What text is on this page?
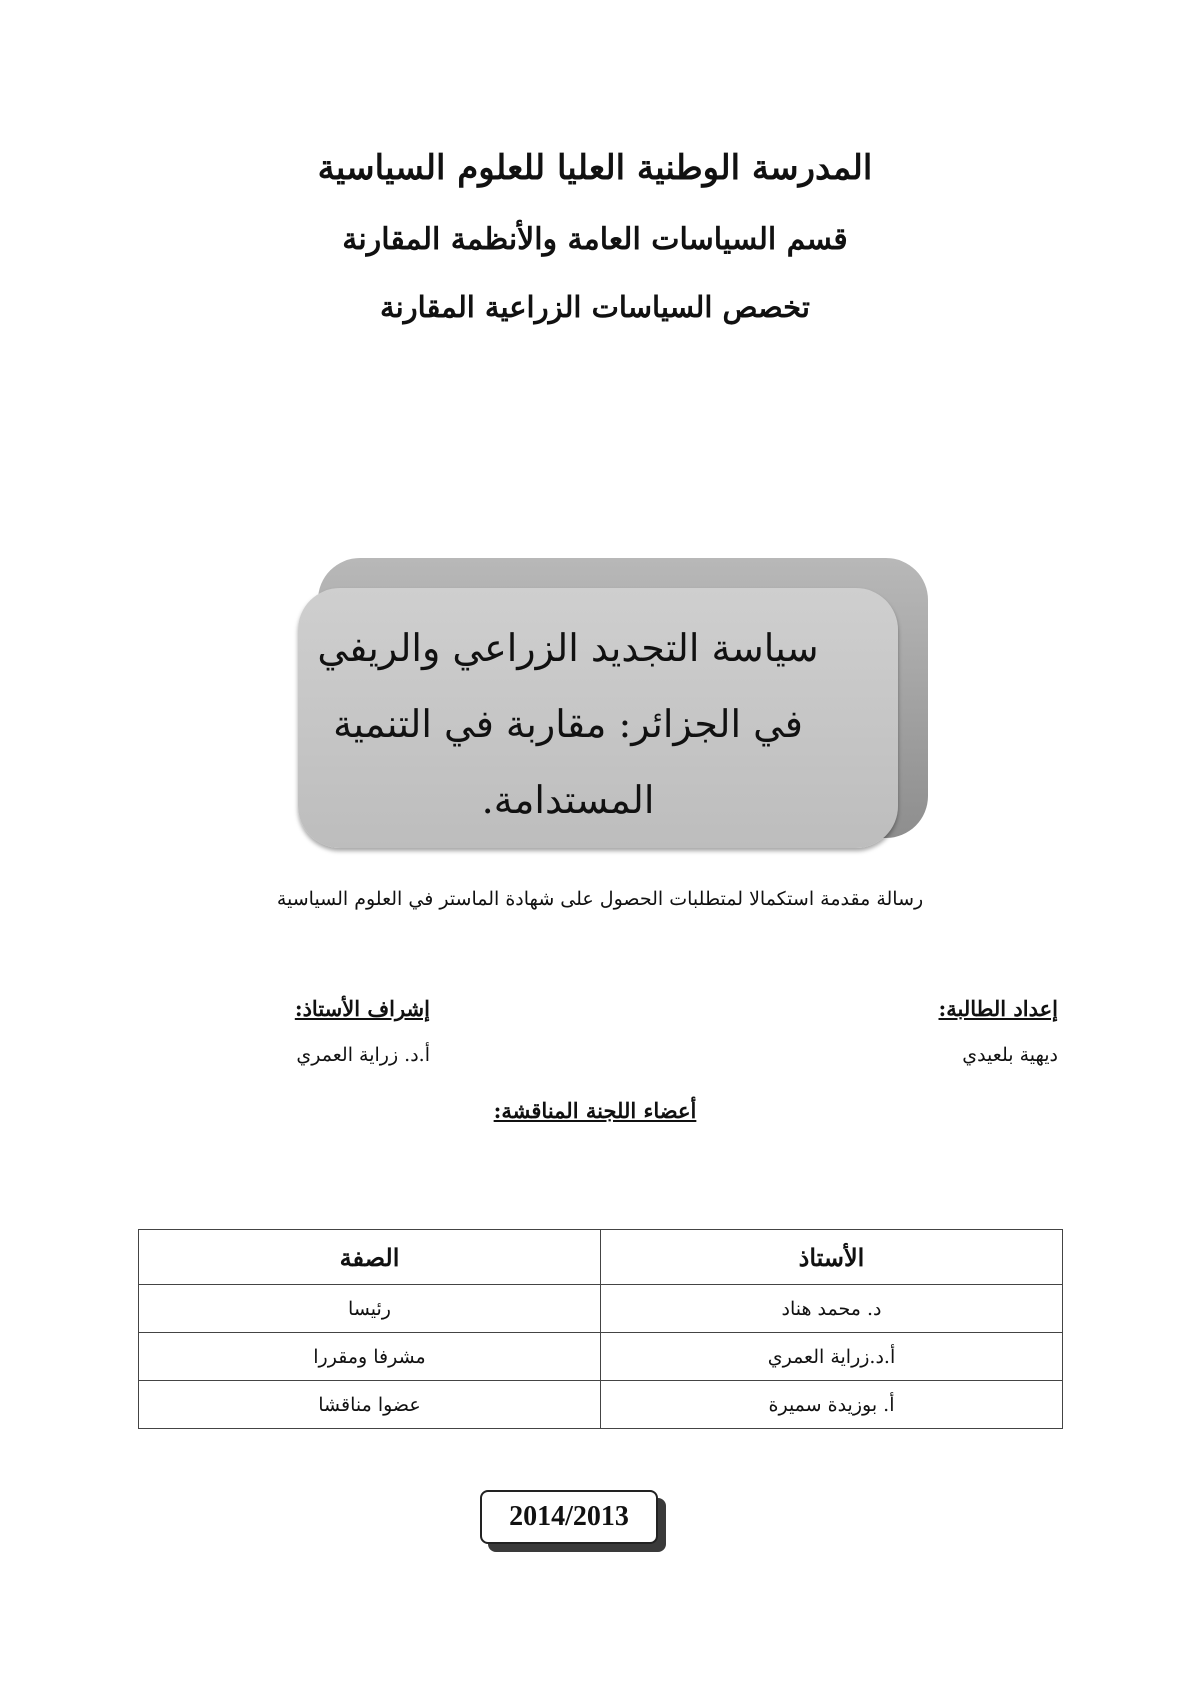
المدرسة الوطنية العليا للعلوم السياسية
قسم السياسات العامة والأنظمة المقارنة
تخصص السياسات الزراعية المقارنة
سياسة التجديد الزراعي والريفي
في الجزائر: مقاربة في التنمية
المستدامة.
رسالة مقدمة استكمالا لمتطلبات الحصول على شهادة الماستر في العلوم السياسية
إعداد الطالبة:
ديهية بلعيدي
إشراف الأستاذ:
أ.د. زراية العمري
أعضاء اللجنة المناقشة:
الأستاذ	الصفة
د. محمد هناد	رئيسا
أ.د.زراية العمري	مشرفا ومقررا
أ. بوزيدة سميرة	عضوا مناقشا
2014/2013
